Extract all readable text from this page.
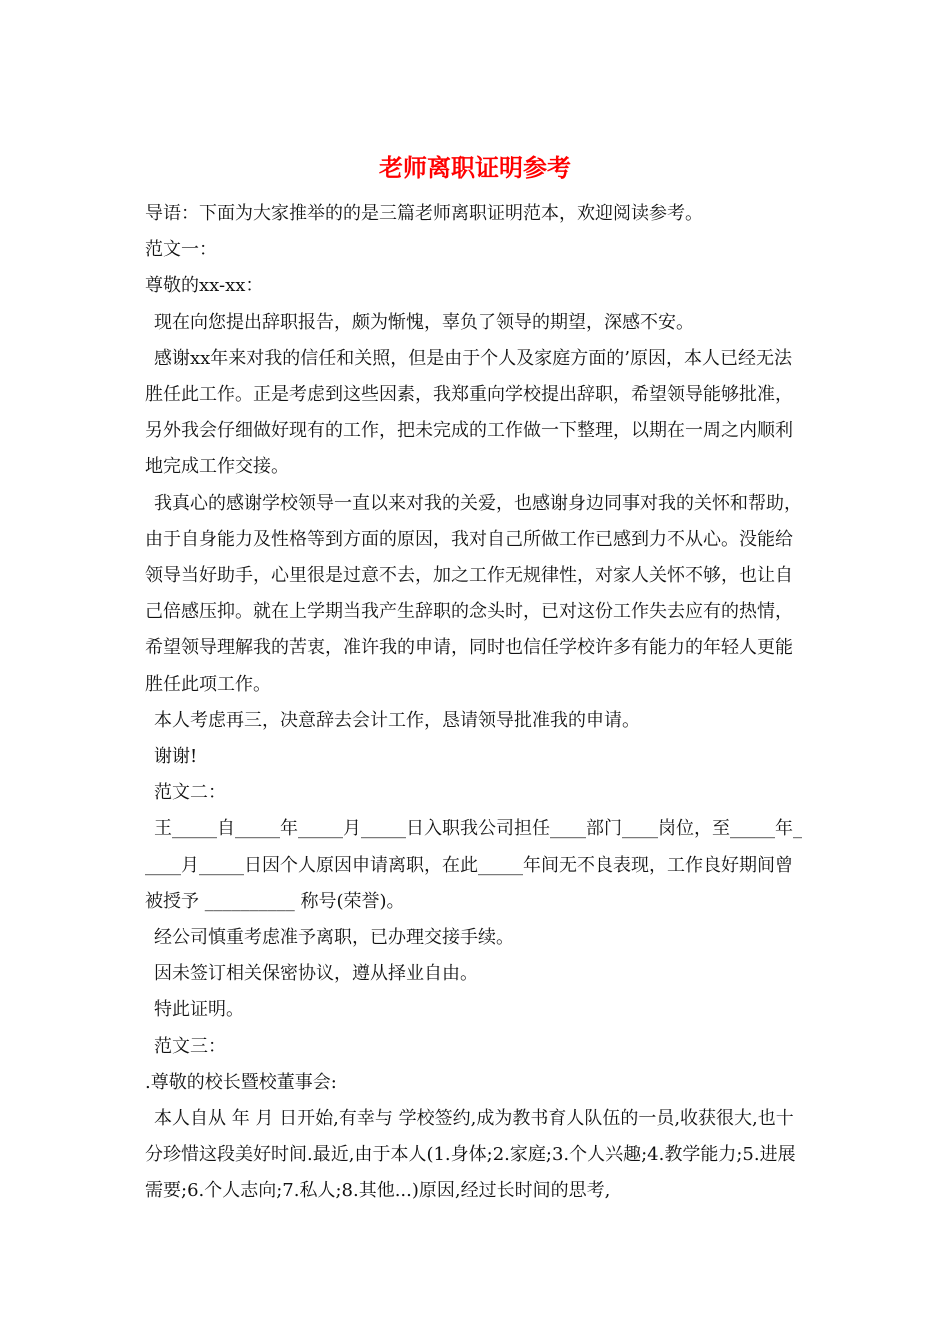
老师离职证明参考

导语：下面为大家推举的的是三篇老师离职证明范本，欢迎阅读参考。

范文一：

尊敬的xx-xx：

现在向您提出辞职报告，颇为惭愧，辜负了领导的期望，深感不安。

感谢xx年来对我的信任和关照，但是由于个人及家庭方面的’原因，本人已经无法胜任此工作。正是考虑到这些因素，我郑重向学校提出辞职，希望领导能够批准，另外我会仔细做好现有的工作，把未完成的工作做一下整理，以期在一周之内顺利地完成工作交接。

我真心的感谢学校领导一直以来对我的关爱，也感谢身边同事对我的关怀和帮助，由于自身能力及性格等到方面的原因，我对自己所做工作已感到力不从心。没能给领导当好助手，心里很是过意不去，加之工作无规律性，对家人关怀不够，也让自己倍感压抑。就在上学期当我产生辞职的念头时，已对这份工作失去应有的热情，希望领导理解我的苦衷，准许我的申请，同时也信任学校许多有能力的年轻人更能胜任此项工作。

本人考虑再三，决意辞去会计工作，恳请领导批准我的申请。

谢谢!

范文二：

王_____自_____年_____月_____日入职我公司担任____部门____岗位，至_____年_____月_____日因个人原因申请离职，在此_____年间无不良表现，工作良好期间曾被授予 __________ 称号(荣誉)。

经公司慎重考虑准予离职，已办理交接手续。

因未签订相关保密协议，遵从择业自由。

特此证明。

范文三：

.尊敬的校长暨校董事会:

本人自从 年 月 日开始,有幸与 学校签约,成为教书育人队伍的一员,收获很大,也十分珍惜这段美好时间.最近,由于本人(1.身体;2.家庭;3.个人兴趣;4.教学能力;5.进展需要;6.个人志向;7.私人;8.其他...)原因,经过长时间的思考,
